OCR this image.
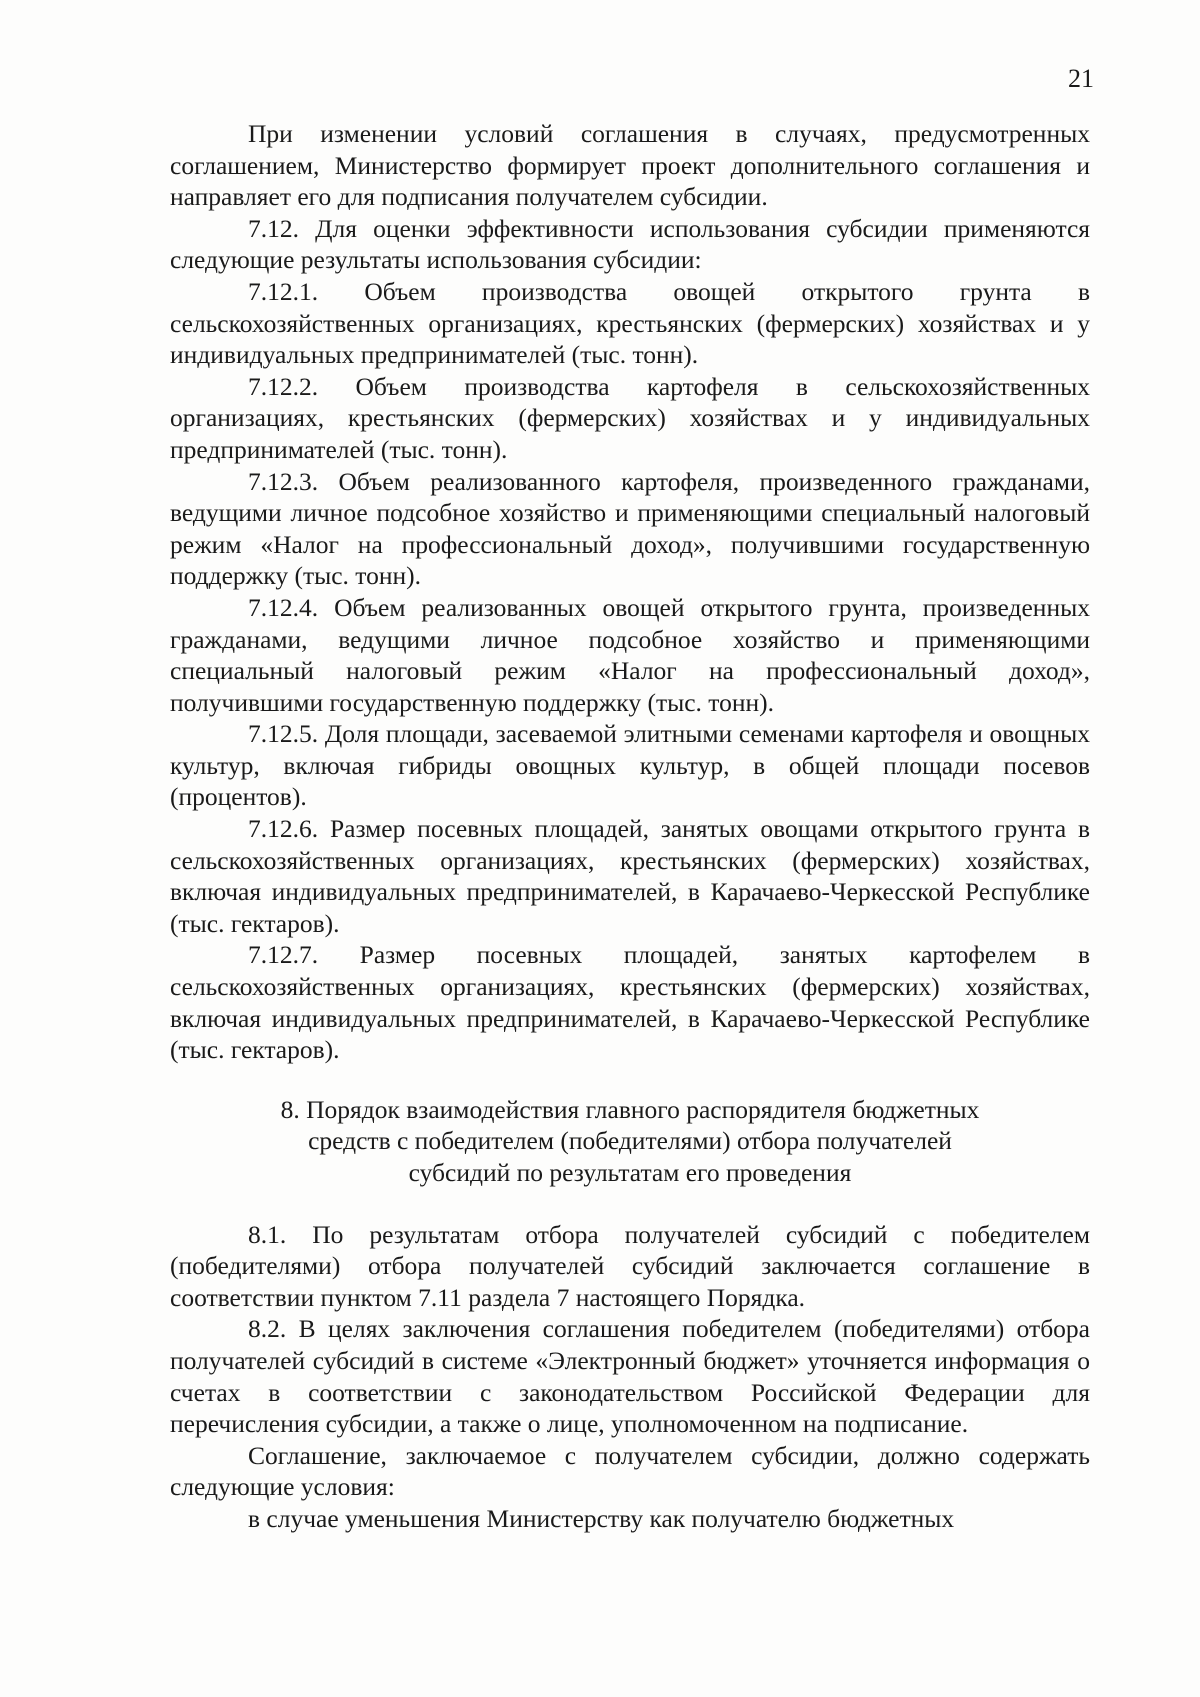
21

При изменении условий соглашения в случаях, предусмотренных соглашением, Министерство формирует проект дополнительного соглашения и направляет его для подписания получателем субсидии.

7.12. Для оценки эффективности использования субсидии применяются следующие результаты использования субсидии:

7.12.1. Объем производства овощей открытого грунта в сельскохозяйственных организациях, крестьянских (фермерских) хозяйствах и у индивидуальных предпринимателей (тыс. тонн).

7.12.2. Объем производства картофеля в сельскохозяйственных организациях, крестьянских (фермерских) хозяйствах и у индивидуальных предпринимателей (тыс. тонн).

7.12.3. Объем реализованного картофеля, произведенного гражданами, ведущими личное подсобное хозяйство и применяющими специальный налоговый режим «Налог на профессиональный доход», получившими государственную поддержку (тыс. тонн).

7.12.4. Объем реализованных овощей открытого грунта, произведенных гражданами, ведущими личное подсобное хозяйство и применяющими специальный налоговый режим «Налог на профессиональный доход», получившими государственную поддержку (тыс. тонн).

7.12.5. Доля площади, засеваемой элитными семенами картофеля и овощных культур, включая гибриды овощных культур, в общей площади посевов (процентов).

7.12.6. Размер посевных площадей, занятых овощами открытого грунта в сельскохозяйственных организациях, крестьянских (фермерских) хозяйствах, включая индивидуальных предпринимателей, в Карачаево-Черкесской Республике (тыс. гектаров).

7.12.7. Размер посевных площадей, занятых картофелем в сельскохозяйственных организациях, крестьянских (фермерских) хозяйствах, включая индивидуальных предпринимателей, в Карачаево-Черкесской Республике (тыс. гектаров).

8. Порядок взаимодействия главного распорядителя бюджетных
средств с победителем (победителями) отбора получателей
субсидий по результатам его проведения

8.1. По результатам отбора получателей субсидий с победителем (победителями) отбора получателей субсидий заключается соглашение в соответствии пунктом 7.11 раздела 7 настоящего Порядка.

8.2. В целях заключения соглашения победителем (победителями) отбора получателей субсидий в системе «Электронный бюджет» уточняется информация о счетах в соответствии с законодательством Российской Федерации для перечисления субсидии, а также о лице, уполномоченном на подписание.

Соглашение, заключаемое с получателем субсидии, должно содержать следующие условия:

в случае уменьшения Министерству как получателю бюджетных
